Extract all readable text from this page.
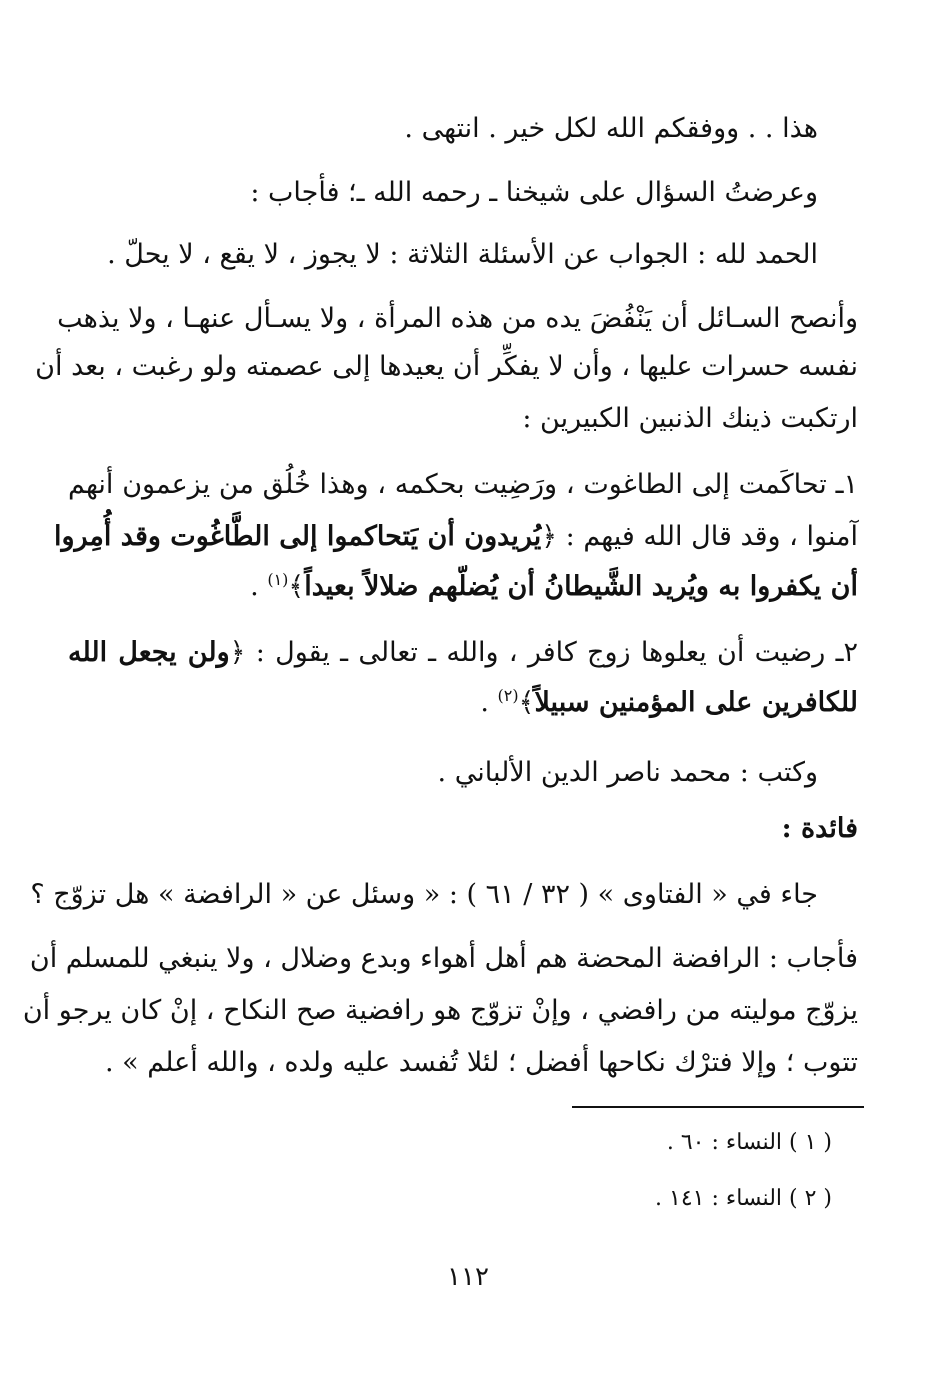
هذا . . ووفقكم الله لكل خير . انتهى .

وعرضتُ السؤال على شيخنا ـ رحمه الله ـ؛ فأجاب :

الحمد لله : الجواب عن الأسئلة الثلاثة : لا يجوز ، لا يقع ، لا يحلّ .

وأنصح السـائل أن يَنْفُضَ يده من هذه المرأة ، ولا يسـأل عنهـا ، ولا يذهب

نفسه حسرات عليها ، وأن لا يفكِّر أن يعيدها إلى عصمته ولو رغبت ، بعد أن

ارتكبت ذينك الذنبين الكبيرين :

١ـ تحاكَمت إلى الطاغوت ، ورَضِيت بحكمه ، وهذا خُلُق من يزعمون أنهم

آمنوا ، وقد قال الله فيهم : ﴿يُريدون أن يَتحاكموا إلى الطَّاغُوت وقد أُمِروا

أن يكفروا به ويُريد الشَّيطانُ أن يُضلّهم ضلالاً بعيداً﴾$^{(١)}$ .

٢ـ رضيت أن يعلوها زوج كافر ، والله ـ تعالى ـ يقول : ﴿ولن يجعل الله

للكافرين على المؤمنين سبيلاً﴾$^{(٢)}$ .

وكتب : محمد ناصر الدين الألباني .

فائدة :

جاء في « الفتاوى » ( ٣٢ / ٦١ ) : « وسئل عن « الرافضة » هل تزوّج ؟

فأجاب : الرافضة المحضة هم أهل أهواء وبدع وضلال ، ولا ينبغي للمسلم أن

يزوّج موليته من رافضي ، وإنْ تزوّج هو رافضية صح النكاح ، إنْ كان يرجو أن

تتوب ؛ وإلا فترْك نكاحها أفضل ؛ لئلا تُفسد عليه ولده ، والله أعلم » .

( ١ ) النساء : ٦٠ .

( ٢ ) النساء : ١٤١ .

١١٢
